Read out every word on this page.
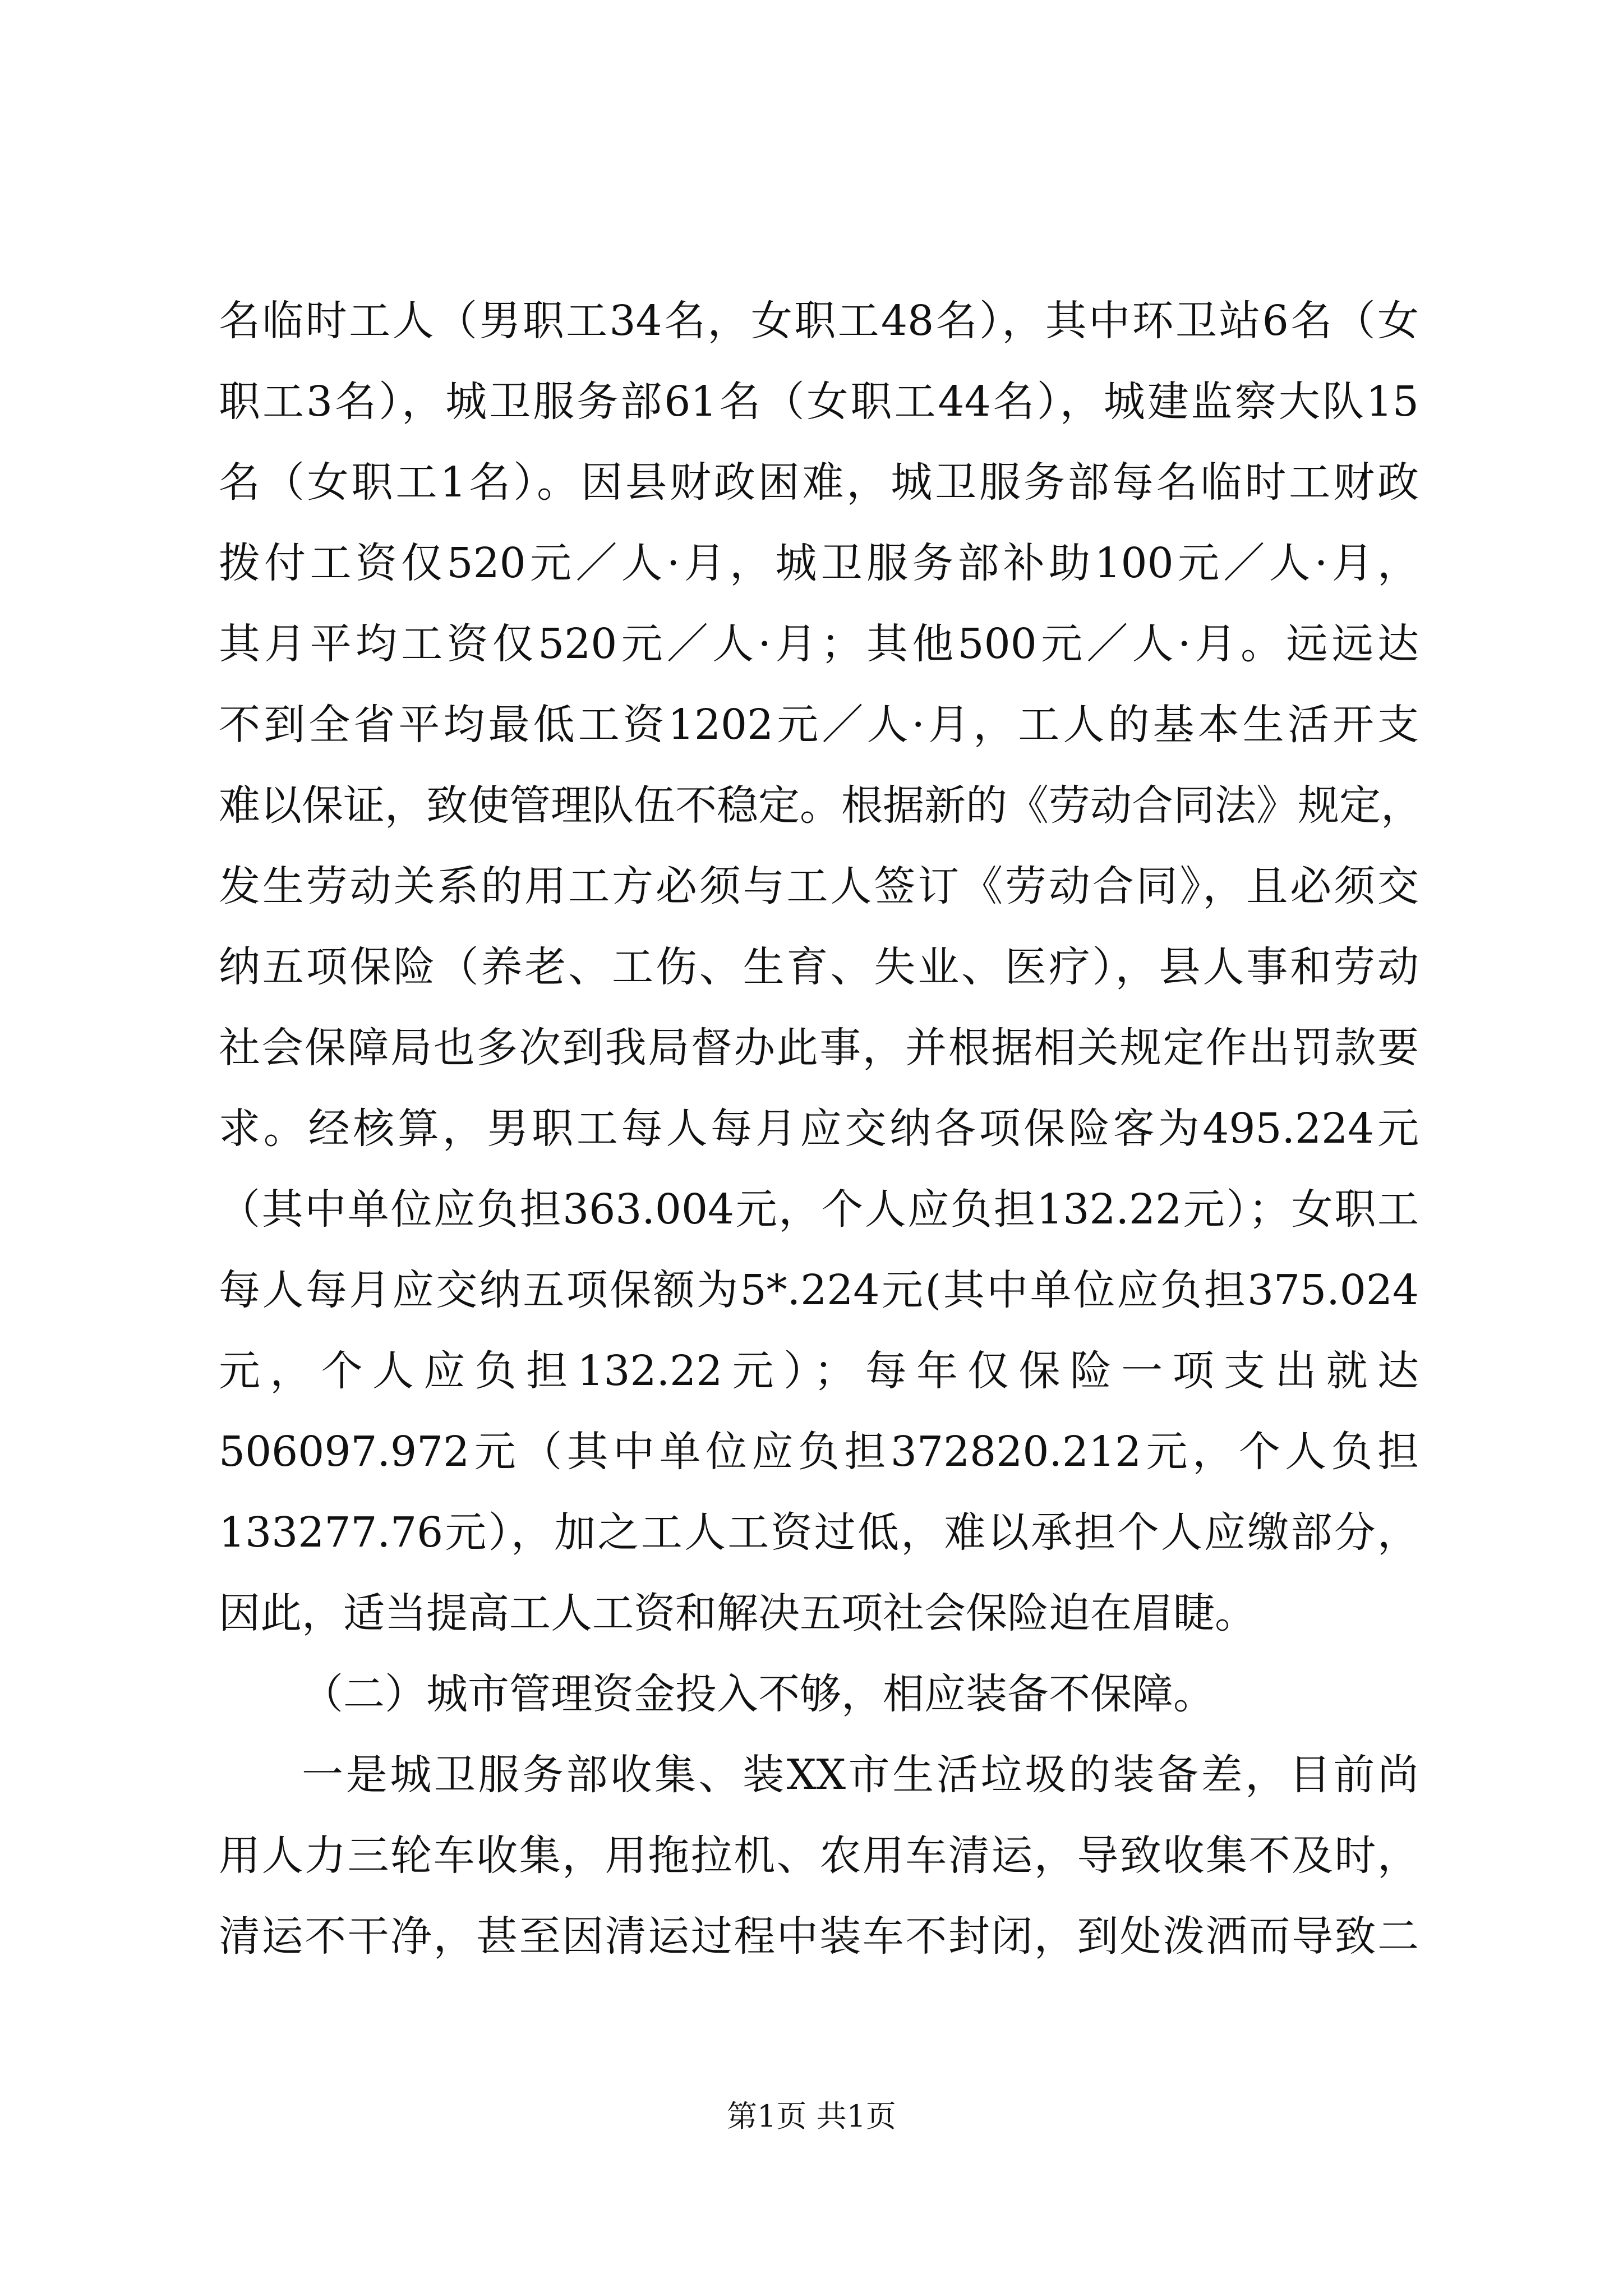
名临时工人（男职工34名，女职工48名），其中环卫站6名（女
职工3名），城卫服务部61名（女职工44名），城建监察大队15
名（女职工1名）。因县财政困难，城卫服务部每名临时工财政
拨付工资仅520元／人·月，城卫服务部补助100元／人·月，
其月平均工资仅520元／人·月；其他500元／人·月。远远达
不到全省平均最低工资1202元／人·月，工人的基本生活开支
难以保证，致使管理队伍不稳定。根据新的《劳动合同法》规定，
发生劳动关系的用工方必须与工人签订《劳动合同》，且必须交
纳五项保险（养老、工伤、生育、失业、医疗），县人事和劳动
社会保障局也多次到我局督办此事，并根据相关规定作出罚款要
求。经核算，男职工每人每月应交纳各项保险客为495.224元
（其中单位应负担363.004元，个人应负担132.22元）；女职工
每人每月应交纳五项保额为5*.224元(其中单位应负担375.024
元，个人应负担132.22元）；每年仅保险一项支出就达
506097.972元（其中单位应负担372820.212元，个人负担
133277.76元），加之工人工资过低，难以承担个人应缴部分，
因此，适当提高工人工资和解决五项社会保险迫在眉睫。
（二）城市管理资金投入不够，相应装备不保障。
一是城卫服务部收集、装XX市生活垃圾的装备差，目前尚
用人力三轮车收集，用拖拉机、农用车清运，导致收集不及时，
清运不干净，甚至因清运过程中装车不封闭，到处泼洒而导致二
第1页 共1页
